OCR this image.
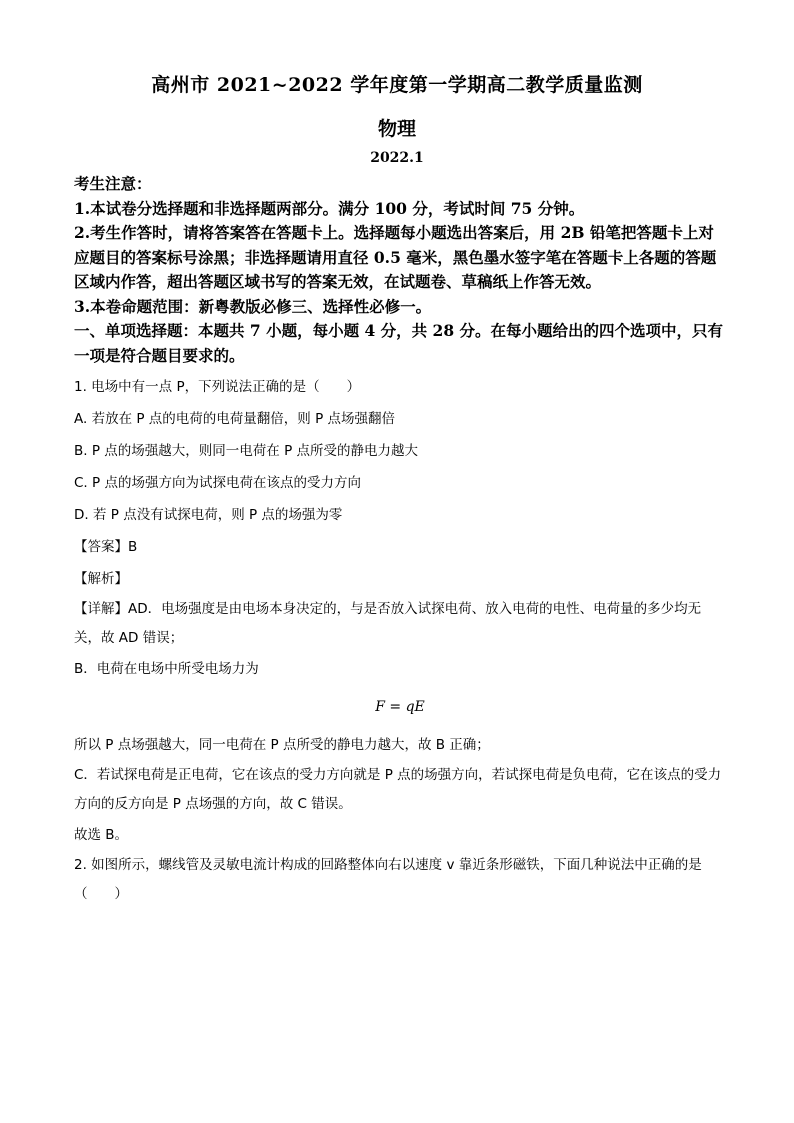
高州市 2021~2022 学年度第一学期高二教学质量监测
物理
2022.1

考生注意：

1.本试卷分选择题和非选择题两部分。满分 100 分，考试时间 75 分钟。

2.考生作答时，请将答案答在答题卡上。选择题每小题选出答案后，用 2B 铅笔把答题卡上对应题目的答案标号涂黑；非选择题请用直径 0.5 毫米，黑色墨水签字笔在答题卡上各题的答题区域内作答，超出答题区域书写的答案无效，在试题卷、草稿纸上作答无效。

3.本卷命题范围：新粤教版必修三、选择性必修一。

一、单项选择题：本题共 7 小题，每小题 4 分，共 28 分。在每小题给出的四个选项中，只有一项是符合题目要求的。

1. 电场中有一点 P，下列说法正确的是（　　）

A. 若放在 P 点的电荷的电荷量翻倍，则 P 点场强翻倍

B. P 点的场强越大，则同一电荷在 P 点所受的静电力越大

C. P 点的场强方向为试探电荷在该点的受力方向

D. 若 P 点没有试探电荷，则 P 点的场强为零

【答案】B

【解析】

【详解】AD．电场强度是由电场本身决定的，与是否放入试探电荷、放入电荷的电性、电荷量的多少均无关，故 AD 错误；

B．电荷在电场中所受电场力为

F = qE

所以 P 点场强越大，同一电荷在 P 点所受的静电力越大，故 B 正确；

C．若试探电荷是正电荷，它在该点的受力方向就是 P 点的场强方向，若试探电荷是负电荷，它在该点的受力方向的反方向是 P 点场强的方向，故 C 错误。

故选 B。

2. 如图所示，螺线管及灵敏电流计构成的回路整体向右以速度 v 靠近条形磁铁，下面几种说法中正确的是（　　）
